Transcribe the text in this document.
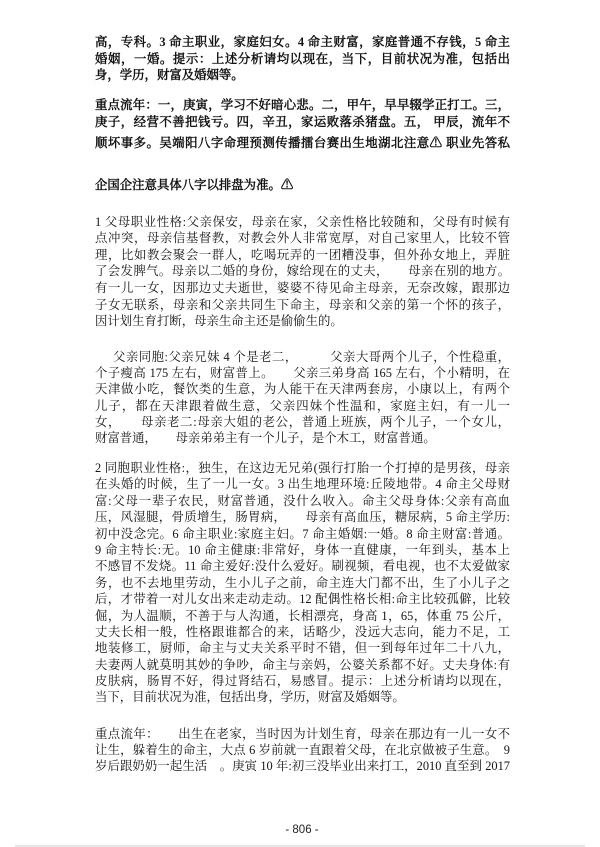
高，专科。3 命主职业，家庭妇女。4 命主财富，家庭普通不存钱，5 命主
婚姻，一婚。提示：上述分析请均以现在，当下，目前状况为准，包括出
身，学历，财富及婚姻等。
重点流年：一，庚寅，学习不好暗心悲。二，甲午，早早辍学正打工。三，
庚子，经营不善把钱亏。四，辛丑，家运败落杀猪盘。五， 甲辰，流年不
顺坏事多。吴端阳八字命理预测传播擂台赛出生地湖北注意⚠ 职业先答私
企国企注意具体八字以排盘为准。⚠
1 父母职业性格:父亲保安，母亲在家，父亲性格比较随和，父母有时候有
点冲突，母亲信基督教，对教会外人非常宽厚，对自己家里人，比较不管
理，比如教会聚会一群人，吃喝玩弄的一团糟没事，但外孙女地上，弄脏
了会发脾气。母亲以二婚的身份，嫁给现在的丈夫，　　母亲在别的地方。
有一儿一女，因那边丈夫逝世，婆婆不待见命主母亲，无奈改嫁，跟那边
子女无联系，母亲和父亲共同生下命主，母亲和父亲的第一个怀的孩子，
因计划生育打断，母亲生命主还是偷偷生的。
父亲同胞:父亲兄妹 4 个是老二，　　　父亲大哥两个儿子，个性稳重，
个子瘦高 175 左右，财富普上。　　父亲三弟身高 165 左右，个小精明，在
天津做小吃，餐饮类的生意，为人能干在天津两套房，小康以上，有两个
儿子，都在天津跟着做生意，父亲四妹个性温和，家庭主妇，有一儿一
女，　　母亲老二:母亲大姐的老公，普通上班族，两个儿子，一个女儿，
财富普通，　　母亲弟弟主有一个儿子，是个木工，财富普通。
2 同胞职业性格:，独生，在这边无兄弟(强行打胎一个打掉的是男孩，母亲
在头婚的时候，生了一儿一女。3 出生地理环境:丘陵地带。4 命主父母财
富:父母一辈子农民，财富普通，没什么收入。命主父母身体:父亲有高血
压，风湿腿，骨质增生，肠胃病，　　母亲有高血压，糖尿病，5 命主学历:
初中没念完。6 命主职业:家庭主妇。7 命主婚姻:一婚。8 命主财富:普通。
9 命主特长:无。10 命主健康:非常好，身体一直健康，一年到头，基本上
不感冒不发烧。11 命主爱好:没什么爱好。刷视频，看电视，也不太爱做家
务，也不去地里劳动，生小儿子之前，命主连大门都不出，生了小儿子之
后，才带着一对儿女出来走动走动。12 配偶性格长相:命主比较孤僻，比较
倔，为人温顺，不善于与人沟通，长相漂亮，身高 1，65，体重 75 公斤，
丈夫长相一般，性格跟谁都合的来，话略少，没远大志向，能力不足，工
地装修工，厨师，命主与丈夫关系平时不错，但一到每年过年二十八九，
夫妻两人就莫明其妙的争吵，命主与亲妈，公婆关系都不好。丈夫身体:有
皮肤病，肠胃不好，得过肾结石，易感冒。提示：上述分析请均以现在，
当下，目前状况为准，包括出身，学历，财富及婚姻等。
重点流年：　　出生在老家，当时因为计划生育，母亲在那边有一儿一女不
让生，躲着生的命主，大点 6 岁前就一直跟着父母，在北京做被子生意。　9
岁后跟奶奶一起生活　。庚寅 10 年:初三没毕业出来打工，2010 直至到 2017
- 806 -
